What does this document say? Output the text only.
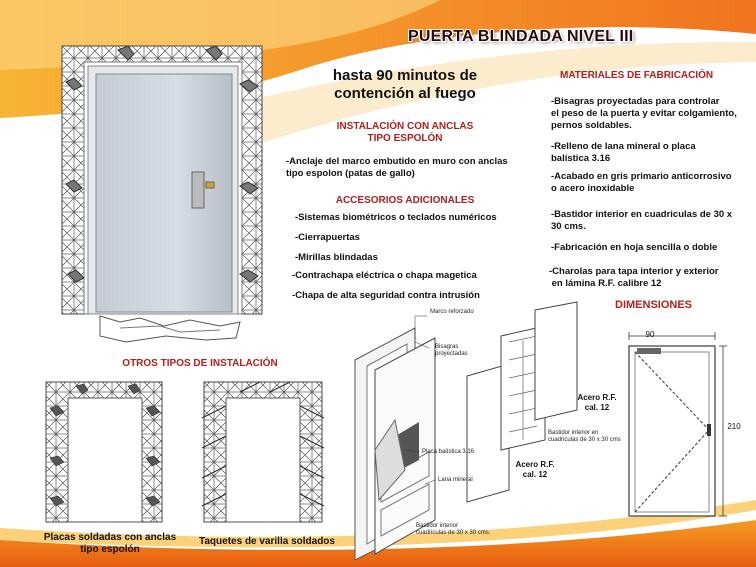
PUERTA BLINDADA NIVEL III
hasta 90 minutos de
contención al fuego
INSTALACIÓN CON ANCLAS
TIPO ESPOLÓN
-Anclaje del marco embutido en muro con anclas
tipo espolon (patas de gallo)
ACCESORIOS ADICIONALES
-Sistemas biométricos o teclados numéricos
-Cierrapuertas
-Mirillas blindadas
-Contrachapa eléctrica o chapa magetica
-Chapa de alta seguridad contra intrusión
MATERIALES DE FABRICACIÓN
-Bisagras proyectadas para controlar
el peso de la puerta y evitar colgamiento,
pernos soldables.
-Relleno de lana mineral o placa
balística 3.16
-Acabado en gris primario anticorrosivo
o acero inoxidable
-Bastidor interior en cuadriculas de 30 x
30 cms.
-Fabricación en hoja sencilla o doble
-Charolas para tapa interior y exterior
en lámina R.F. calibre 12
DIMENSIONES
90
210
OTROS TIPOS DE INSTALACIÓN
Placas soldadas con anclas
tipo espolón
Taquetes de varilla soldados
Marco reforzado
Bisagras
proyectadas
Placa balística 3.16
Lana mineral
Bastidor interior
cuadriculas de 30 x 30 cms.
Acero R.F.
cal. 12
Bastidor interior en
cuadriculas de 30 x 30 cms
Acero R.F.
cal. 12
